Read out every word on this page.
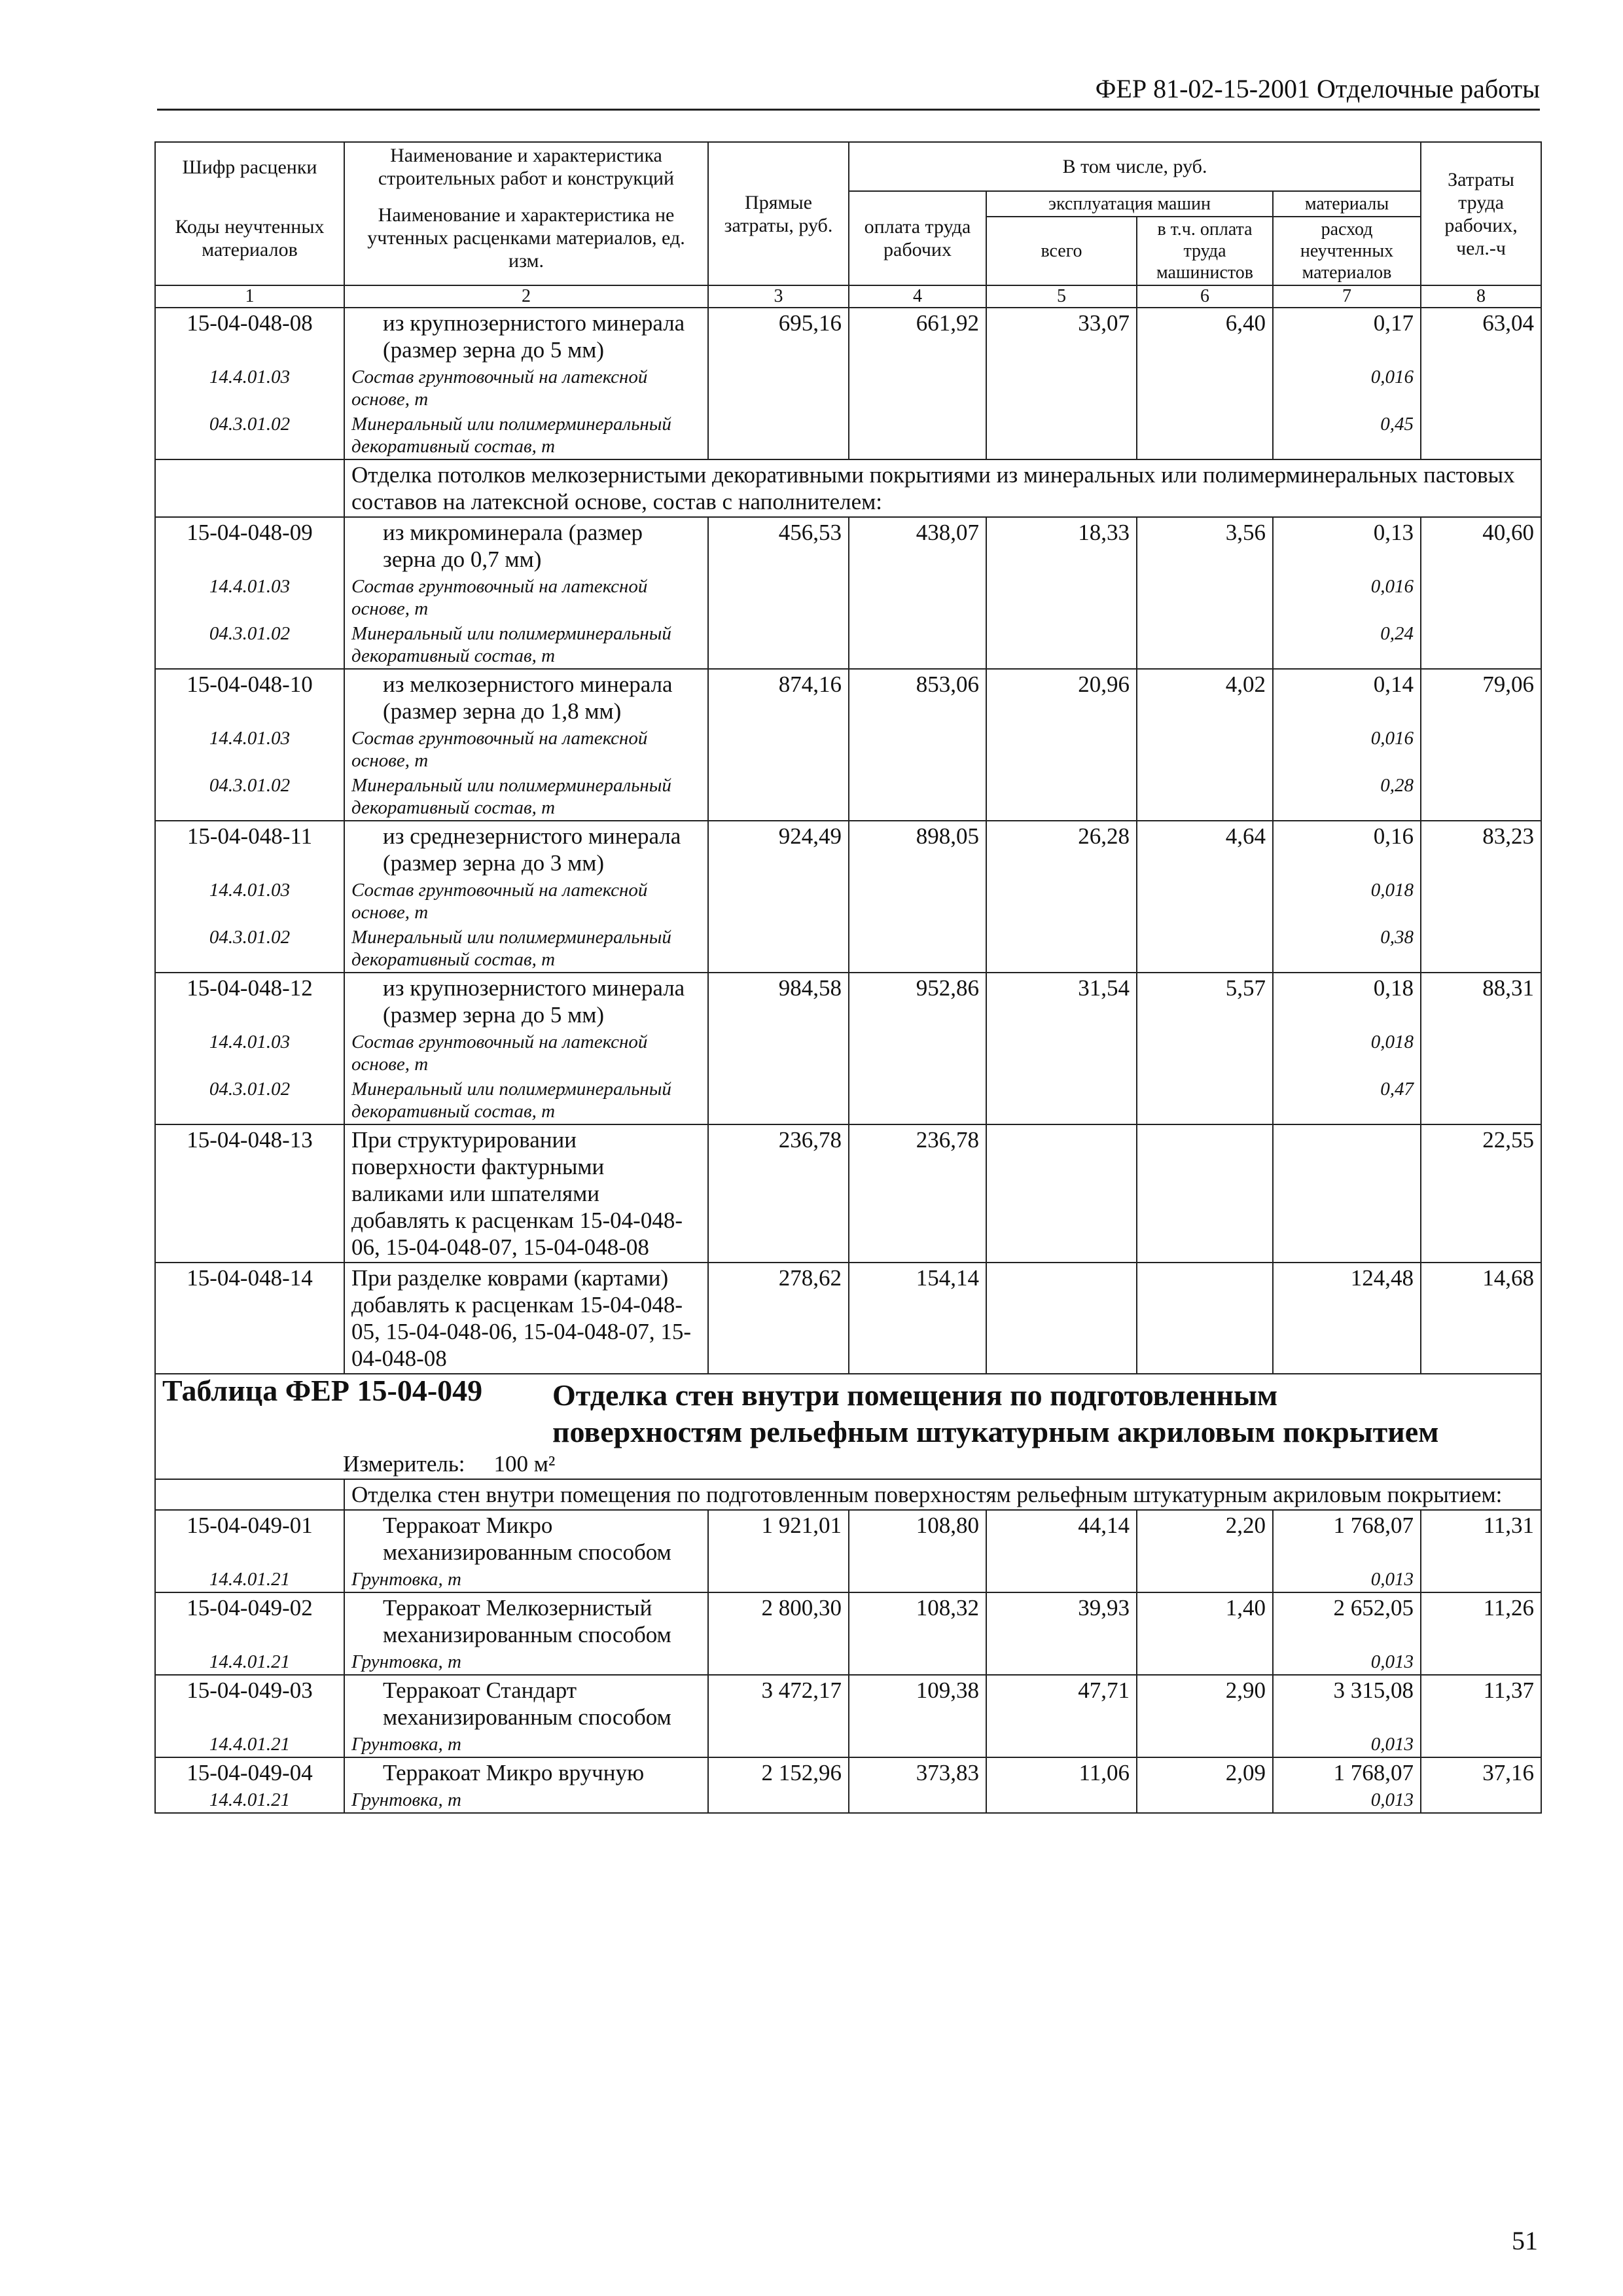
ФЕР 81-02-15-2001 Отделочные работы
Шифр расценки	Наименование и характеристика строительных работ и конструкций	Прямые затраты, руб.	В том числе, руб.				Затраты труда рабочих, чел.-ч
Коды неучтенных материалов	Наименование и характеристика не учтенных расценками материалов, ед. изм.		оплата труда рабочих	эксплуатация машин		материалы	
				всего	в т.ч. оплата труда машинистов	расход неучтенных материалов	
1	2	3	4	5	6	7	8
15-04-048-08	из крупнозернистого минерала (размер зерна до 5 мм)	695,16	661,92	33,07	6,40	0,17	63,04
14.4.01.03	Состав грунтовочный на латексной основе, т					0,016	
04.3.01.02	Минеральный или полимерминеральный декоративный состав, т					0,45	
	Отделка потолков мелкозернистыми декоративными покрытиями из минеральных или полимерминеральных пастовых составов на латексной основе, состав с наполнителем:						
15-04-048-09	из микроминерала (размер зерна до 0,7 мм)	456,53	438,07	18,33	3,56	0,13	40,60
14.4.01.03	Состав грунтовочный на латексной основе, т					0,016	
04.3.01.02	Минеральный или полимерминеральный декоративный состав, т					0,24	
15-04-048-10	из мелкозернистого минерала (размер зерна до 1,8 мм)	874,16	853,06	20,96	4,02	0,14	79,06
14.4.01.03	Состав грунтовочный на латексной основе, т					0,016	
04.3.01.02	Минеральный или полимерминеральный декоративный состав, т					0,28	
15-04-048-11	из среднезернистого минерала (размер зерна до 3 мм)	924,49	898,05	26,28	4,64	0,16	83,23
14.4.01.03	Состав грунтовочный на латексной основе, т					0,018	
04.3.01.02	Минеральный или полимерминеральный декоративный состав, т					0,38	
15-04-048-12	из крупнозернистого минерала (размер зерна до 5 мм)	984,58	952,86	31,54	5,57	0,18	88,31
14.4.01.03	Состав грунтовочный на латексной основе, т					0,018	
04.3.01.02	Минеральный или полимерминеральный декоративный состав, т					0,47	
15-04-048-13	При структурировании поверхности фактурными валиками или шпателями добавлять к расценкам 15-04-048-06, 15-04-048-07, 15-04-048-08	236,78	236,78				22,55
15-04-048-14	При разделке коврами (картами) добавлять к расценкам 15-04-048-05, 15-04-048-06, 15-04-048-07, 15-04-048-08	278,62	154,14			124,48	14,68
Таблица ФЕР 15-04-049 Отделка стен внутри помещения по подготовленным
поверхностям рельефным штукатурным акриловым покрытием
Измеритель: 100 м²							

	Отделка стен внутри помещения по подготовленным поверхностям рельефным штукатурным акриловым покрытием:						
15-04-049-01	Терракоат Микро механизированным способом	1 921,01	108,80	44,14	2,20	1 768,07	11,31
14.4.01.21	Грунтовка, т					0,013	
15-04-049-02	Терракоат Мелкозернистый механизированным способом	2 800,30	108,32	39,93	1,40	2 652,05	11,26
14.4.01.21	Грунтовка, т					0,013	
15-04-049-03	Терракоат Стандарт механизированным способом	3 472,17	109,38	47,71	2,90	3 315,08	11,37
14.4.01.21	Грунтовка, т					0,013	
15-04-049-04	Терракоат Микро вручную	2 152,96	373,83	11,06	2,09	1 768,07	37,16
14.4.01.21	Грунтовка, т					0,013	
51
